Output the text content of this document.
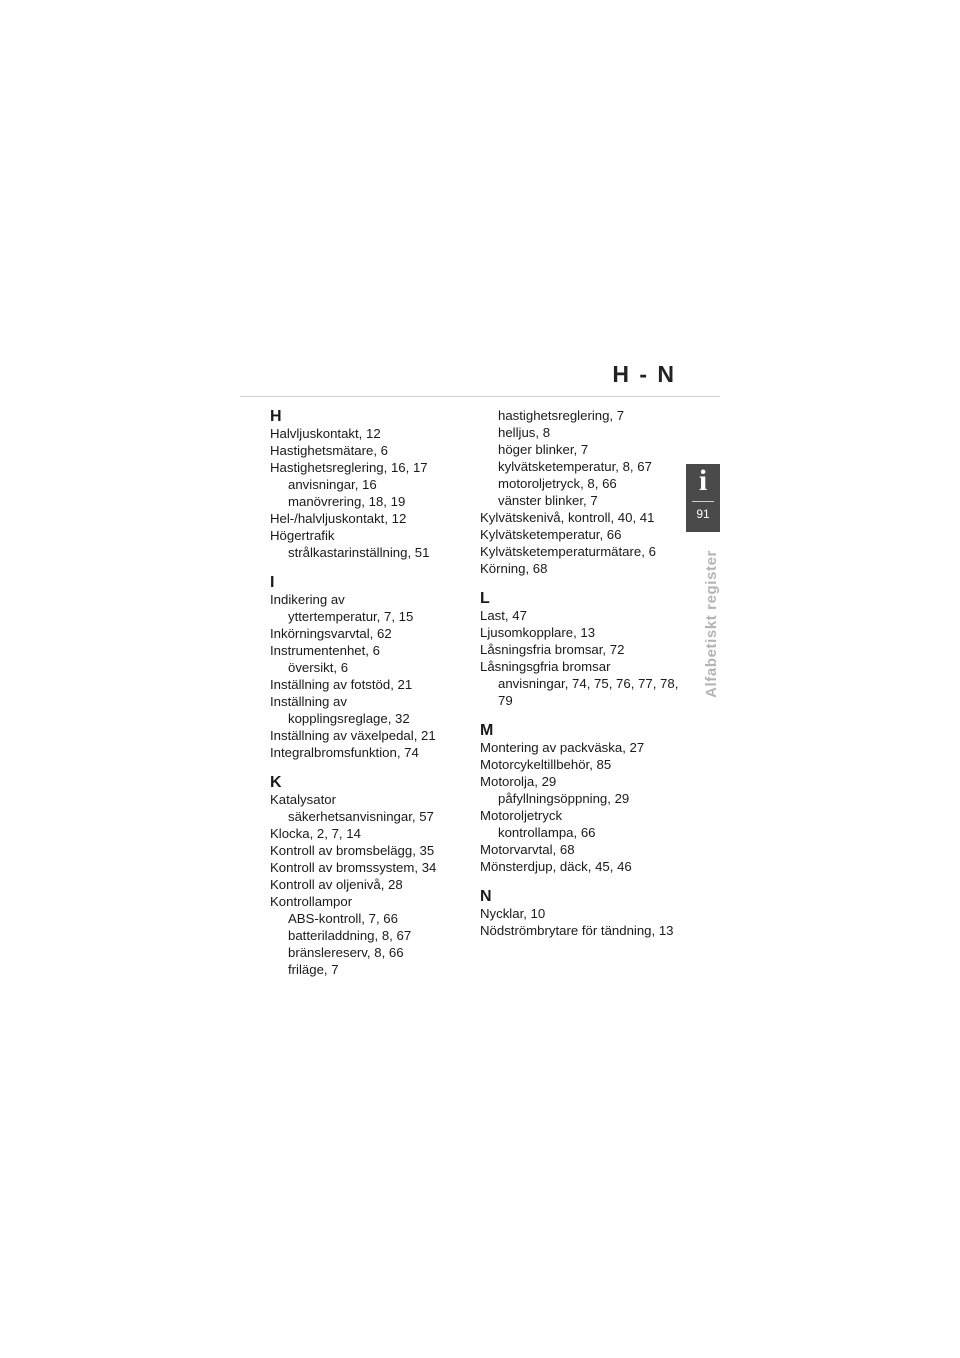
H - N
i
91
Alfabetiskt register
H
Halvljuskontakt, 12
Hastighetsmätare, 6
Hastighetsreglering, 16, 17
anvisningar, 16
manövrering, 18, 19
Hel-/halvljuskontakt, 12
Högertrafik
strålkastarinställning, 51
I
Indikering av
yttertemperatur, 7, 15
Inkörningsvarvtal, 62
Instrumentenhet, 6
översikt, 6
Inställning av fotstöd, 21
Inställning av
kopplingsreglage, 32
Inställning av växelpedal, 21
Integralbromsfunktion, 74
K
Katalysator
säkerhetsanvisningar, 57
Klocka, 2, 7, 14
Kontroll av bromsbelägg, 35
Kontroll av bromssystem, 34
Kontroll av oljenivå, 28
Kontrollampor
ABS-kontroll, 7, 66
batteriladdning, 8, 67
bränslereserv, 8, 66
friläge, 7
hastighetsreglering, 7
helljus, 8
höger blinker, 7
kylvätsketemperatur, 8, 67
motoroljetryck, 8, 66
vänster blinker, 7
Kylvätskenivå, kontroll, 40, 41
Kylvätsketemperatur, 66
Kylvätsketemperaturmätare, 6
Körning, 68
L
Last, 47
Ljusomkopplare, 13
Låsningsfria bromsar, 72
Låsningsgfria bromsar
anvisningar, 74, 75, 76, 77, 78,
79
M
Montering av packväska, 27
Motorcykeltillbehör, 85
Motorolja, 29
påfyllningsöppning, 29
Motoroljetryck
kontrollampa, 66
Motorvarvtal, 68
Mönsterdjup, däck, 45, 46
N
Nycklar, 10
Nödströmbrytare för tändning, 13
